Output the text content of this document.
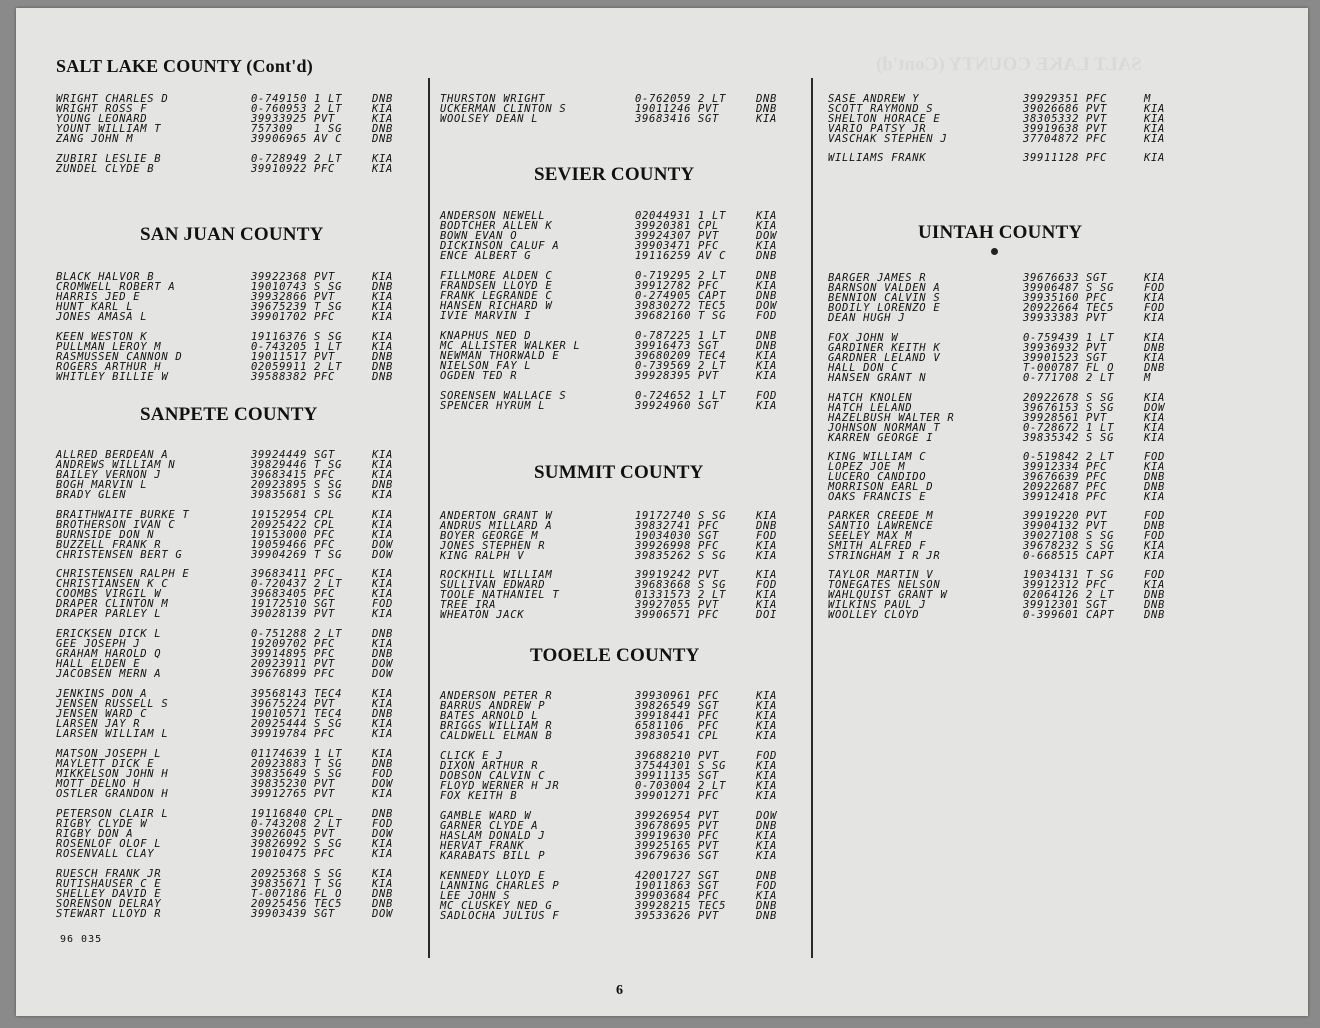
SALT LAKE COUNTY (Cont'd)
SALT LAKE COUNTY (Cont'd)
WRIGHT CHARLES D	0-749150 1 LT	DNB
WRIGHT ROSS F	0-760953 2 LT	KIA
YOUNG LEONARD	39933925 PVT	KIA
YOUNT WILLIAM T	757309 1 SG	DNB
ZANG JOHN M	39906965 AV C	DNB
ZUBIRI LESLIE B	0-728949 2 LT	KIA
ZUNDEL CLYDE B	39910922 PFC	KIA
SAN JUAN COUNTY
BLACK HALVOR B	39922368 PVT	KIA
CROMWELL ROBERT A	19010743 S SG	DNB
HARRIS JED E	39932866 PVT	KIA
HUNT KARL L	39675239 T SG	KIA
JONES AMASA L	39901702 PFC	KIA
KEEN WESTON K	19116376 S SG	KIA
PULLMAN LEROY M	0-743205 1 LT	KIA
RASMUSSEN CANNON D	19011517 PVT	DNB
ROGERS ARTHUR H	02059911 2 LT	DNB
WHITLEY BILLIE W	39588382 PFC	DNB
SANPETE COUNTY
ALLRED BERDEAN A	39924449 SGT	KIA
ANDREWS WILLIAM N	39829446 T SG	KIA
BAILEY VERNON J	39683415 PFC	KIA
BOGH MARVIN L	20923895 S SG	DNB
BRADY GLEN	39835681 S SG	KIA
BRAITHWAITE BURKE T	19152954 CPL	KIA
BROTHERSON IVAN C	20925422 CPL	KIA
BURNSIDE DON N	19153000 PFC	KIA
BUZZELL FRANK R	19059466 PFC	DOW
CHRISTENSEN BERT G	39904269 T SG	DOW
CHRISTENSEN RALPH E	39683411 PFC	KIA
CHRISTIANSEN K C	0-720437 2 LT	KIA
COOMBS VIRGIL W	39683405 PFC	KIA
DRAPER CLINTON M	19172510 SGT	FOD
DRAPER PARLEY L	39028139 PVT	KIA
ERICKSEN DICK L	0-751288 2 LT	DNB
GEE JOSEPH J	19209702 PFC	KIA
GRAHAM HAROLD Q	39914895 PFC	DNB
HALL ELDEN E	20923911 PVT	DOW
JACOBSEN MERN A	39676899 PFC	DOW
JENKINS DON A	39568143 TEC4	KIA
JENSEN RUSSELL S	39675224 PVT	KIA
JENSEN WARD C	19010571 TEC4	DNB
LARSEN JAY R	20925444 S SG	KIA
LARSEN WILLIAM L	39919784 PFC	KIA
MATSON JOSEPH L	01174639 1 LT	KIA
MAYLETT DICK E	20923883 T SG	DNB
MIKKELSON JOHN H	39835649 S SG	FOD
MOTT DELNO H	39835230 PVT	DOW
OSTLER GRANDON H	39912765 PVT	KIA
PETERSON CLAIR L	19116840 CPL	DNB
RIGBY CLYDE W	0-743208 2 LT	FOD
RIGBY DON A	39026045 PVT	DOW
ROSENLOF OLOF L	39826992 S SG	KIA
ROSENVALL CLAY	19010475 PFC	KIA
RUESCH FRANK JR	20925368 S SG	KIA
RUTISHAUSER C E	39835671 T SG	KIA
SHELLEY DAVID E	T-007186 FL O	DNB
SORENSON DELRAY	20925456 TEC5	DNB
STEWART LLOYD R	39903439 SGT	DOW
THURSTON WRIGHT	0-762059 2 LT	DNB
UCKERMAN CLINTON S	19011246 PVT	DNB
WOOLSEY DEAN L	39683416 SGT	KIA
SEVIER COUNTY
ANDERSON NEWELL	02044931 1 LT	KIA
BODTCHER ALLEN K	39920381 CPL	KIA
BOWN EVAN O	39924307 PVT	DOW
DICKINSON CALUF A	39903471 PFC	KIA
ENCE ALBERT G	19116259 AV C	DNB
FILLMORE ALDEN C	0-719295 2 LT	DNB
FRANDSEN LLOYD E	39912782 PFC	KIA
FRANK LEGRANDE C	0-274905 CAPT	DNB
HANSEN RICHARD W	39830272 TEC5	DOW
IVIE MARVIN I	39682160 T SG	FOD
KNAPHUS NED D	0-787225 1 LT	DNB
MC ALLISTER WALKER L	39916473 SGT	DNB
NEWMAN THORWALD E	39680209 TEC4	KIA
NIELSON FAY L	0-739569 2 LT	KIA
OGDEN TED R	39928395 PVT	KIA
SORENSEN WALLACE S	0-724652 1 LT	FOD
SPENCER HYRUM L	39924960 SGT	KIA
SUMMIT COUNTY
ANDERTON GRANT W	19172740 S SG	KIA
ANDRUS MILLARD A	39832741 PFC	DNB
BOYER GEORGE M	19034030 SGT	FOD
JONES STEPHEN R	39926998 PFC	KIA
KING RALPH V	39835262 S SG	KIA
ROCKHILL WILLIAM	39919242 PVT	KIA
SULLIVAN EDWARD	39683668 S SG	FOD
TOOLE NATHANIEL T	01331573 2 LT	KIA
TREE IRA	39927055 PVT	KIA
WHEATON JACK	39906571 PFC	DOI
TOOELE COUNTY
ANDERSON PETER R	39930961 PFC	KIA
BARRUS ANDREW P	39826549 SGT	KIA
BATES ARNOLD L	39918441 PFC	KIA
BRIGGS WILLIAM R	6581106 PFC	KIA
CALDWELL ELMAN B	39830541 CPL	KIA
CLICK E J	39688210 PVT	FOD
DIXON ARTHUR R	37544301 S SG	KIA
DOBSON CALVIN C	39911135 SGT	KIA
FLOYD WERNER H JR	0-703004 2 LT	KIA
FOX KEITH B	39901271 PFC	KIA
GAMBLE WARD W	39926954 PVT	DOW
GARNER CLYDE A	39678695 PVT	DNB
HASLAM DONALD J	39919630 PFC	KIA
HERVAT FRANK	39925165 PVT	KIA
KARABATS BILL P	39679636 SGT	KIA
KENNEDY LLOYD E	42001727 SGT	DNB
LANNING CHARLES P	19011863 SGT	FOD
LEE JOHN S	39903684 PFC	KIA
MC CLUSKEY NED G	39928215 TEC5	DNB
SADLOCHA JULIUS F	39533626 PVT	DNB
SASE ANDREW Y	39929351 PFC	M
SCOTT RAYMOND S	39026686 PVT	KIA
SHELTON HORACE E	38305332 PVT	KIA
VARIO PATSY JR	39919638 PVT	KIA
VASCHAK STEPHEN J	37704872 PFC	KIA
WILLIAMS FRANK	39911128 PFC	KIA
UINTAH COUNTY
BARGER JAMES R	39676633 SGT	KIA
BARNSON VALDEN A	39906487 S SG	FOD
BENNION CALVIN S	39935160 PFC	KIA
BODILY LORENZO E	20922664 TEC5	FOD
DEAN HUGH J	39933383 PVT	KIA
FOX JOHN W	0-759439 1 LT	KIA
GARDINER KEITH K	39936932 PVT	DNB
GARDNER LELAND V	39901523 SGT	KIA
HALL DON C	T-000787 FL O	DNB
HANSEN GRANT N	0-771708 2 LT	M
HATCH KNOLEN	20922678 S SG	KIA
HATCH LELAND	39676153 S SG	DOW
HAZELBUSH WALTER R	39928561 PVT	KIA
JOHNSON NORMAN T	0-728672 1 LT	KIA
KARREN GEORGE I	39835342 S SG	KIA
KING WILLIAM C	0-519842 2 LT	FOD
LOPEZ JOE M	39912334 PFC	KIA
LUCERO CANDIDO	39676639 PFC	DNB
MORRISON EARL D	20922687 PFC	DNB
OAKS FRANCIS E	39912418 PFC	KIA
PARKER CREEDE M	39919220 PVT	FOD
SANTIO LAWRENCE	39904132 PVT	DNB
SEELEY MAX M	39027108 S SG	FOD
SMITH ALFRED F	39678232 S SG	KIA
STRINGHAM I R JR	0-668515 CAPT	KIA
TAYLOR MARTIN V	19034131 T SG	FOD
TONEGATES NELSON	39912312 PFC	KIA
WAHLQUIST GRANT W	02064126 2 LT	DNB
WILKINS PAUL J	39912301 SGT	DNB
WOOLLEY CLOYD	0-399601 CAPT	DNB
96 035
6
